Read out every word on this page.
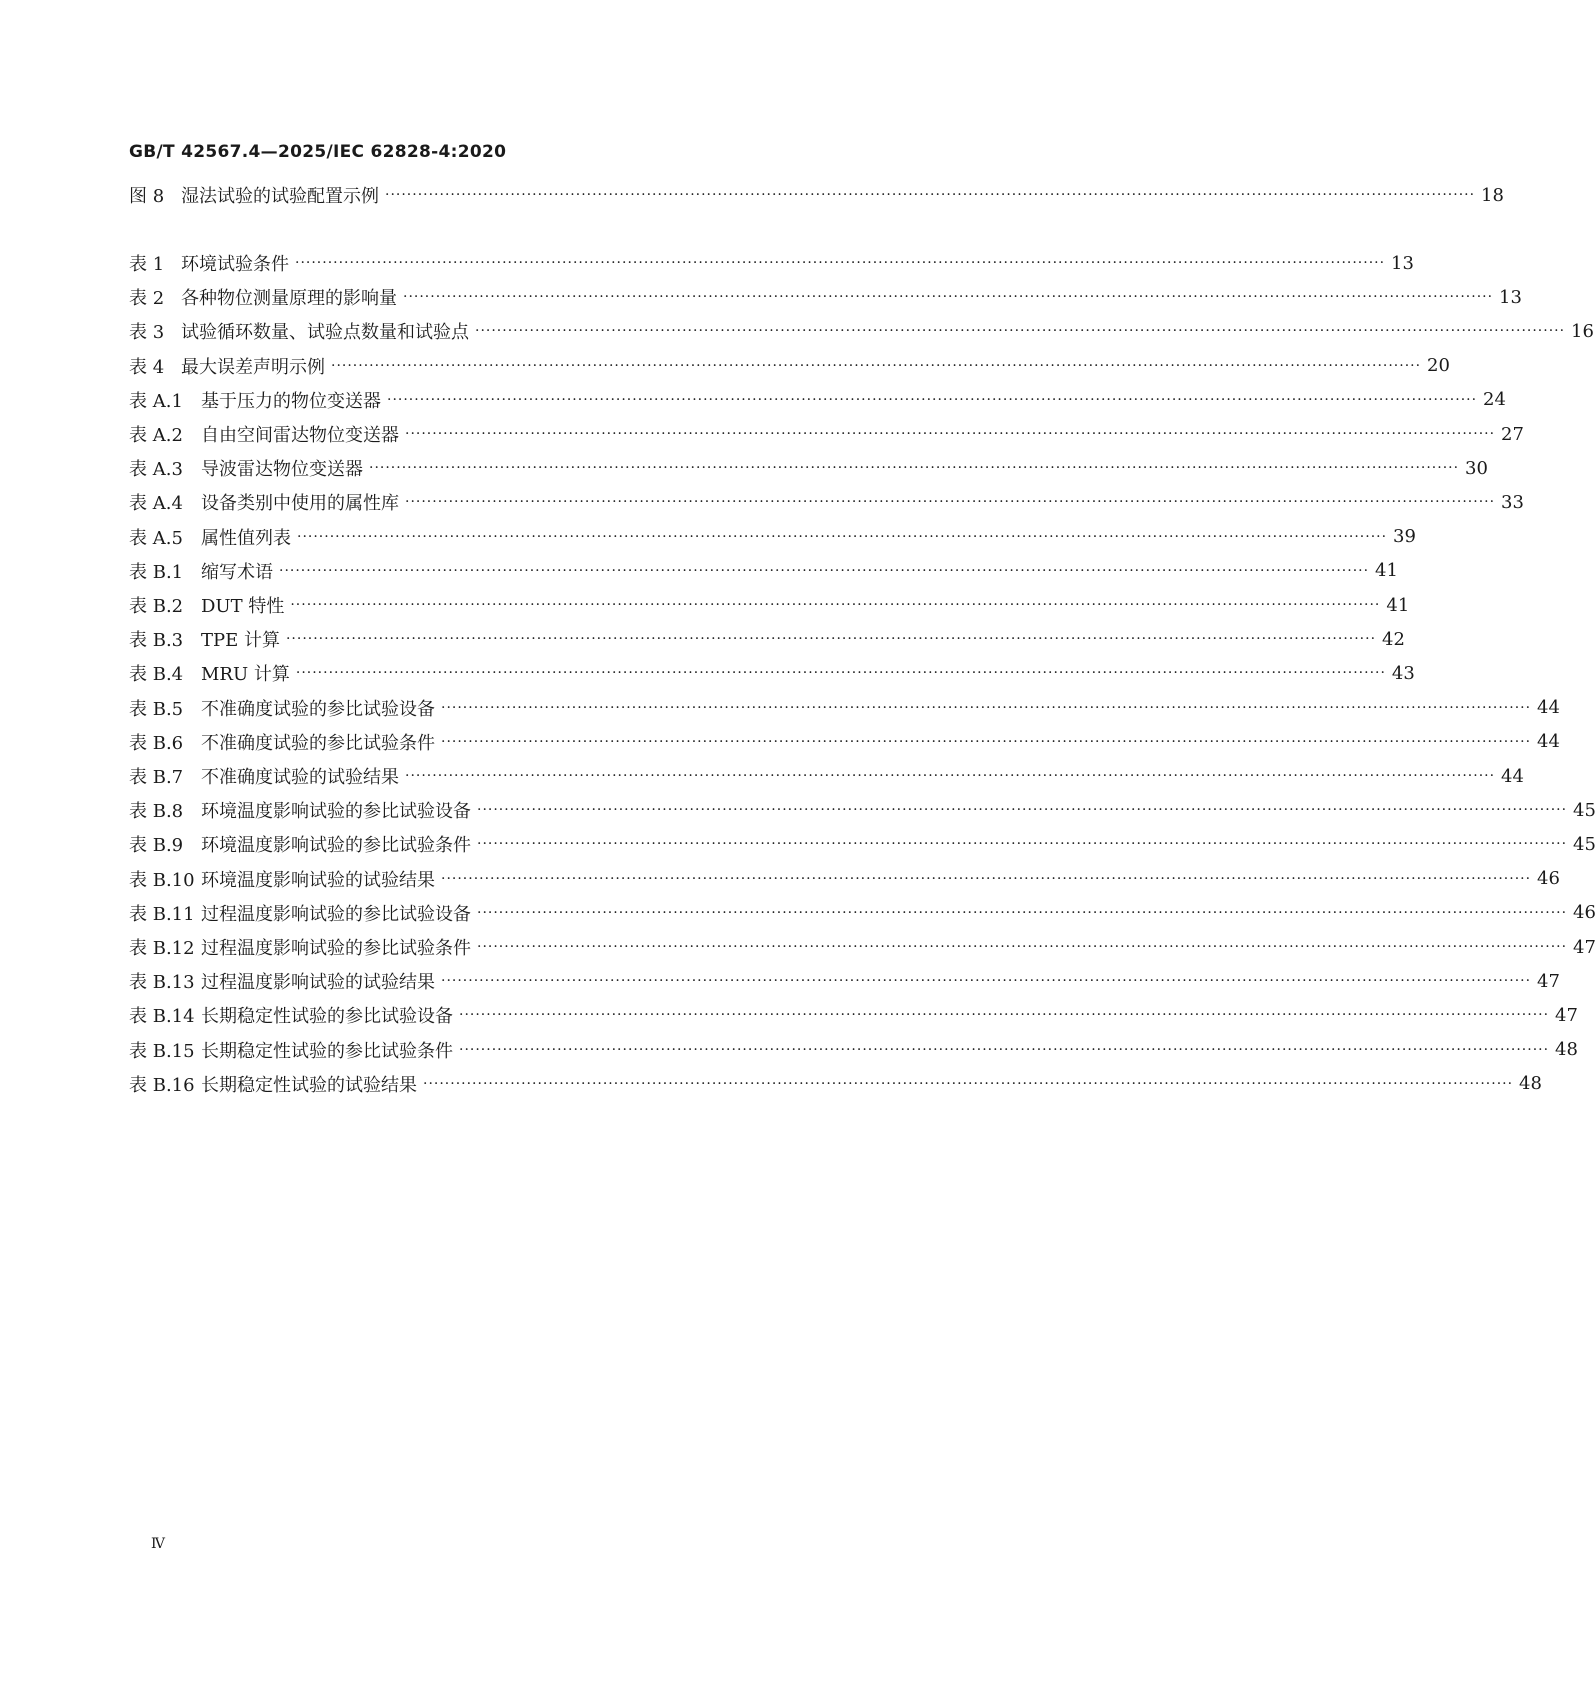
GB/T 42567.4—2025/IEC 62828-4:2020
图 8 湿法试验的试验配置示例 ········································································································································································································ 18
表 1 环境试验条件 ········································································································································································································ 13
表 2 各种物位测量原理的影响量 ········································································································································································································ 13
表 3 试验循环数量、试验点数量和试验点 ········································································································································································································ 16
表 4 最大误差声明示例 ········································································································································································································ 20
表 A.1	基于压力的物位变送器 ········································································································································································································ 24
表 A.2	自由空间雷达物位变送器 ········································································································································································································ 27
表 A.3	导波雷达物位变送器 ········································································································································································································ 30
表 A.4	设备类别中使用的属性库 ········································································································································································································ 33
表 A.5	属性值列表 ········································································································································································································ 39
表 B.1 缩写术语 ········································································································································································································ 41
表 B.2 DUT 特性 ········································································································································································································ 41
表 B.3 TPE 计算 ········································································································································································································ 42
表 B.4 MRU 计算 ········································································································································································································ 43
表 B.5 不准确度试验的参比试验设备 ········································································································································································································ 44
表 B.6 不准确度试验的参比试验条件 ········································································································································································································ 44
表 B.7 不准确度试验的试验结果 ········································································································································································································ 44
表 B.8 环境温度影响试验的参比试验设备 ········································································································································································································ 45
表 B.9 环境温度影响试验的参比试验条件 ········································································································································································································ 45
表 B.10 环境温度影响试验的试验结果 ········································································································································································································ 46
表 B.11 过程温度影响试验的参比试验设备 ········································································································································································································ 46
表 B.12 过程温度影响试验的参比试验条件 ········································································································································································································ 47
表 B.13 过程温度影响试验的试验结果 ········································································································································································································ 47
表 B.14 长期稳定性试验的参比试验设备 ········································································································································································································ 47
表 B.15 长期稳定性试验的参比试验条件 ········································································································································································································ 48
表 B.16 长期稳定性试验的试验结果 ········································································································································································································ 48
Ⅳ
